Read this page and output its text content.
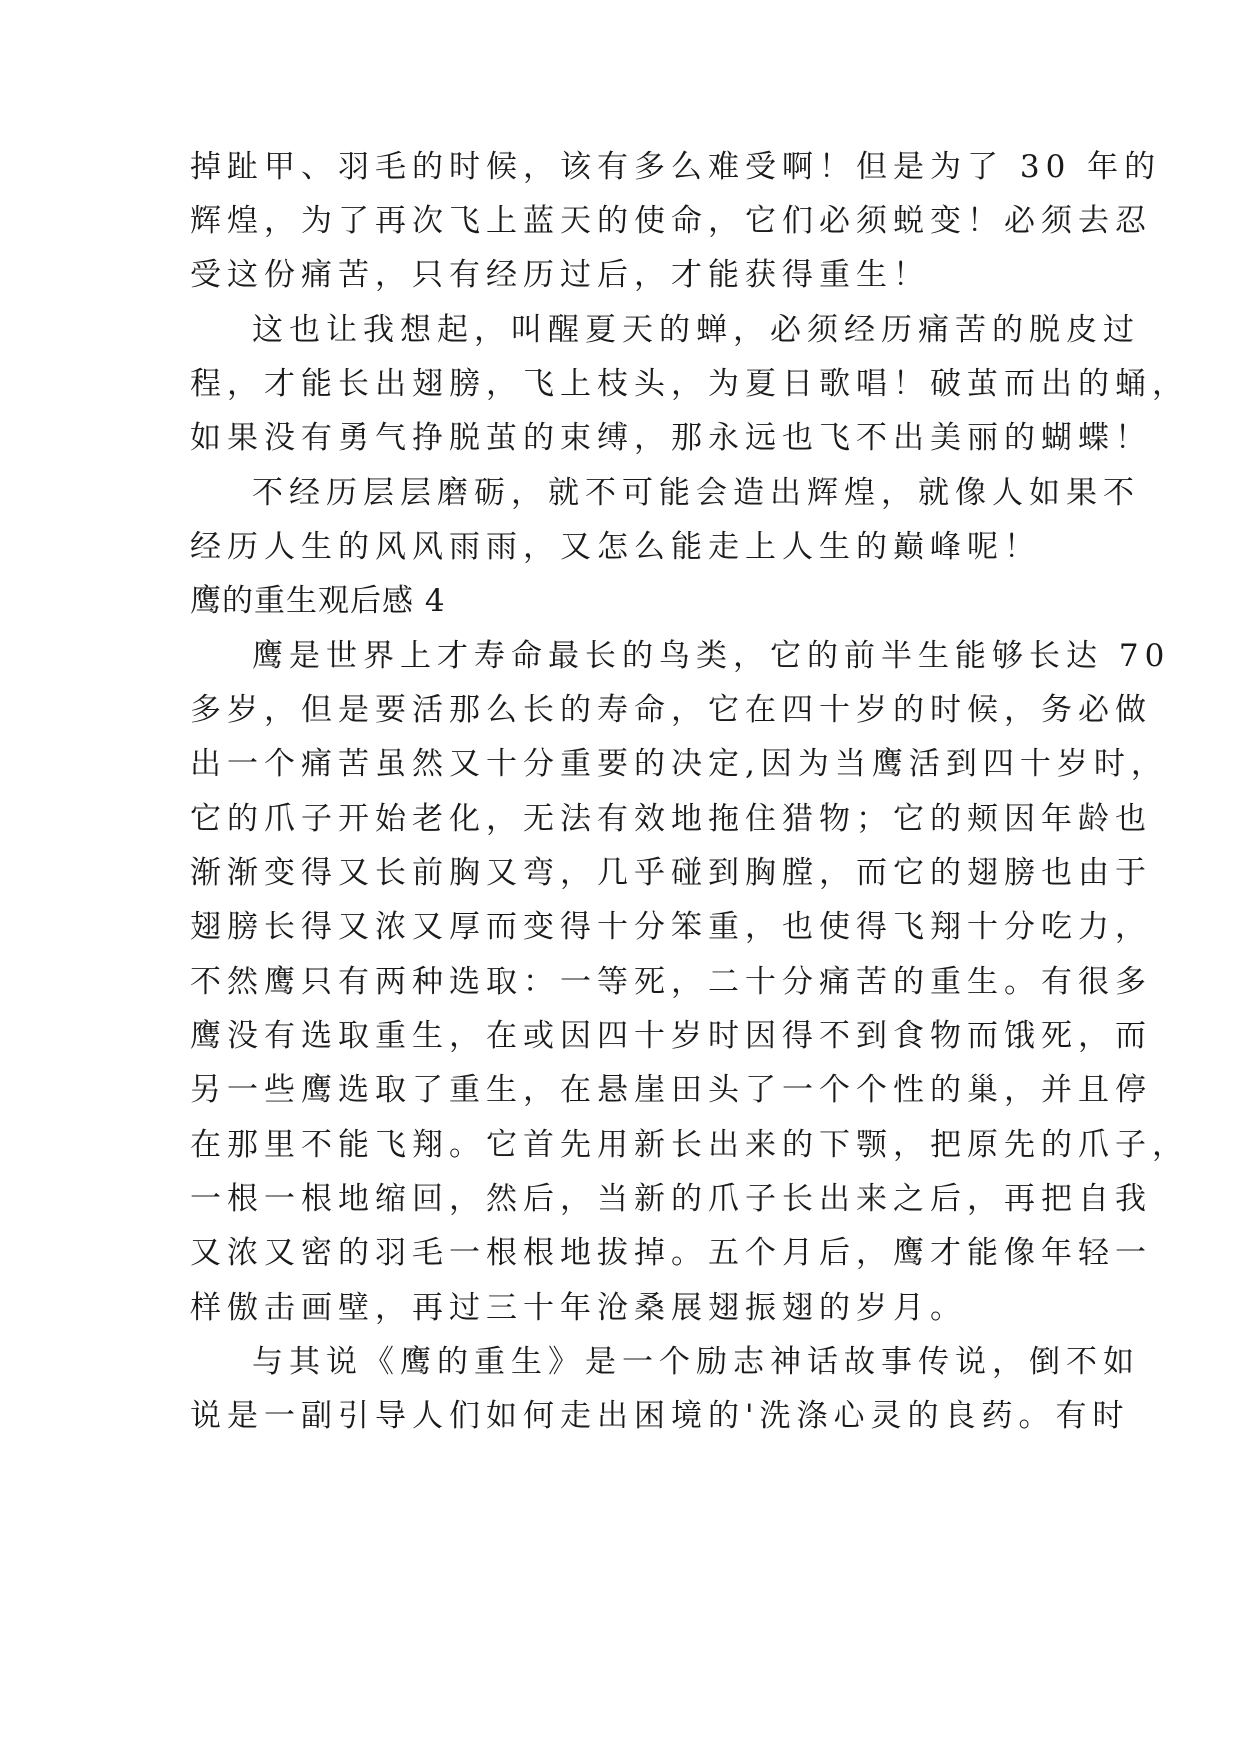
掉趾甲、羽毛的时候，该有多么难受啊！但是为了 30 年的
辉煌，为了再次飞上蓝天的使命，它们必须蜕变！必须去忍
受这份痛苦，只有经历过后，才能获得重生！
这也让我想起，叫醒夏天的蝉，必须经历痛苦的脱皮过
程，才能长出翅膀，飞上枝头，为夏日歌唱！破茧而出的蛹，
如果没有勇气挣脱茧的束缚，那永远也飞不出美丽的蝴蝶！
不经历层层磨砺，就不可能会造出辉煌，就像人如果不
经历人生的风风雨雨，又怎么能走上人生的巅峰呢！
鹰的重生观后感 4
鹰是世界上才寿命最长的鸟类，它的前半生能够长达 70
多岁，但是要活那么长的寿命，它在四十岁的时候，务必做
出一个痛苦虽然又十分重要的决定,因为当鹰活到四十岁时，
它的爪子开始老化，无法有效地拖住猎物；它的颊因年龄也
渐渐变得又长前胸又弯，几乎碰到胸膛，而它的翅膀也由于
翅膀长得又浓又厚而变得十分笨重，也使得飞翔十分吃力，
不然鹰只有两种选取：一等死，二十分痛苦的重生。有很多
鹰没有选取重生，在或因四十岁时因得不到食物而饿死，而
另一些鹰选取了重生，在悬崖田头了一个个性的巢，并且停
在那里不能飞翔。它首先用新长出来的下颚，把原先的爪子，
一根一根地缩回，然后，当新的爪子长出来之后，再把自我
又浓又密的羽毛一根根地拔掉。五个月后，鹰才能像年轻一
样傲击画壁，再过三十年沧桑展翅振翅的岁月。
与其说《鹰的重生》是一个励志神话故事传说，倒不如
说是一副引导人们如何走出困境的'洗涤心灵的良药。有时
